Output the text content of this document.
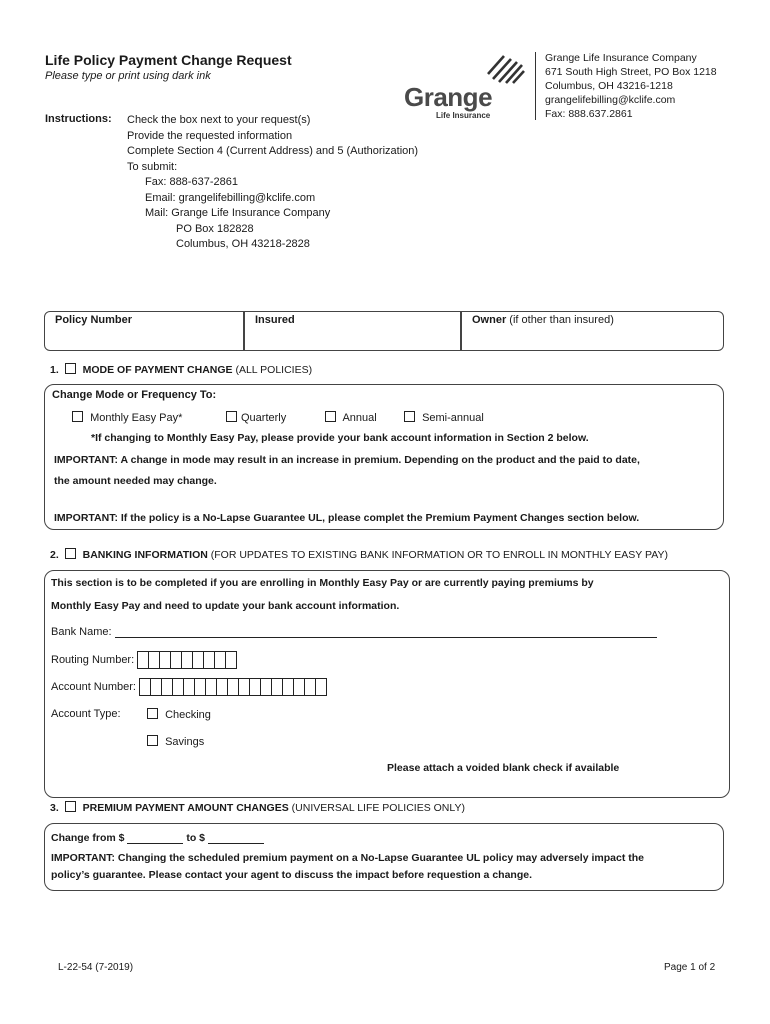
Life Policy Payment Change Request
Please type or print using dark ink
Grange
Life Insurance
Grange Life Insurance Company
671 South High Street, PO Box 1218
Columbus, OH 43216-1218
grangelifebilling@kclife.com
Fax: 888.637.2861
Instructions: Check the box next to your request(s)
Provide the requested information
Complete Section 4 (Current Address) and 5 (Authorization)
To submit:
Fax: 888-637-2861
Email: grangelifebilling@kclife.com
Mail: Grange Life Insurance Company
PO Box 182828
Columbus, OH 43218-2828
Policy Number	Insured	Owner (if other than insured)
1. MODE OF PAYMENT CHANGE (ALL POLICIES)
Change Mode or Frequency To:
Monthly Easy Pay*	Quarterly	Annual	Semi-annual
*If changing to Monthly Easy Pay, please provide your bank account information in Section 2 below.
IMPORTANT: A change in mode may result in an increase in premium. Depending on the product and the paid to date,
the amount needed may change.
IMPORTANT: If the policy is a No-Lapse Guarantee UL, please complet the Premium Payment Changes section below.
2. BANKING INFORMATION (FOR UPDATES TO EXISTING BANK INFORMATION OR TO ENROLL IN MONTHLY EASY PAY)
This section is to be completed if you are enrolling in Monthly Easy Pay or are currently paying premiums by
Monthly Easy Pay and need to update your bank account information.
Bank Name:
Routing Number:
Account Number:
Account Type:	Checking
Savings
Please attach a voided blank check if available
3. PREMIUM PAYMENT AMOUNT CHANGES (UNIVERSAL LIFE POLICIES ONLY)
Change from $	to $
IMPORTANT: Changing the scheduled premium payment on a No-Lapse Guarantee UL policy may adversely impact the
policy’s guarantee. Please contact your agent to discuss the impact before requestion a change.
L-22-54 (7-2019)	Page 1 of 2
